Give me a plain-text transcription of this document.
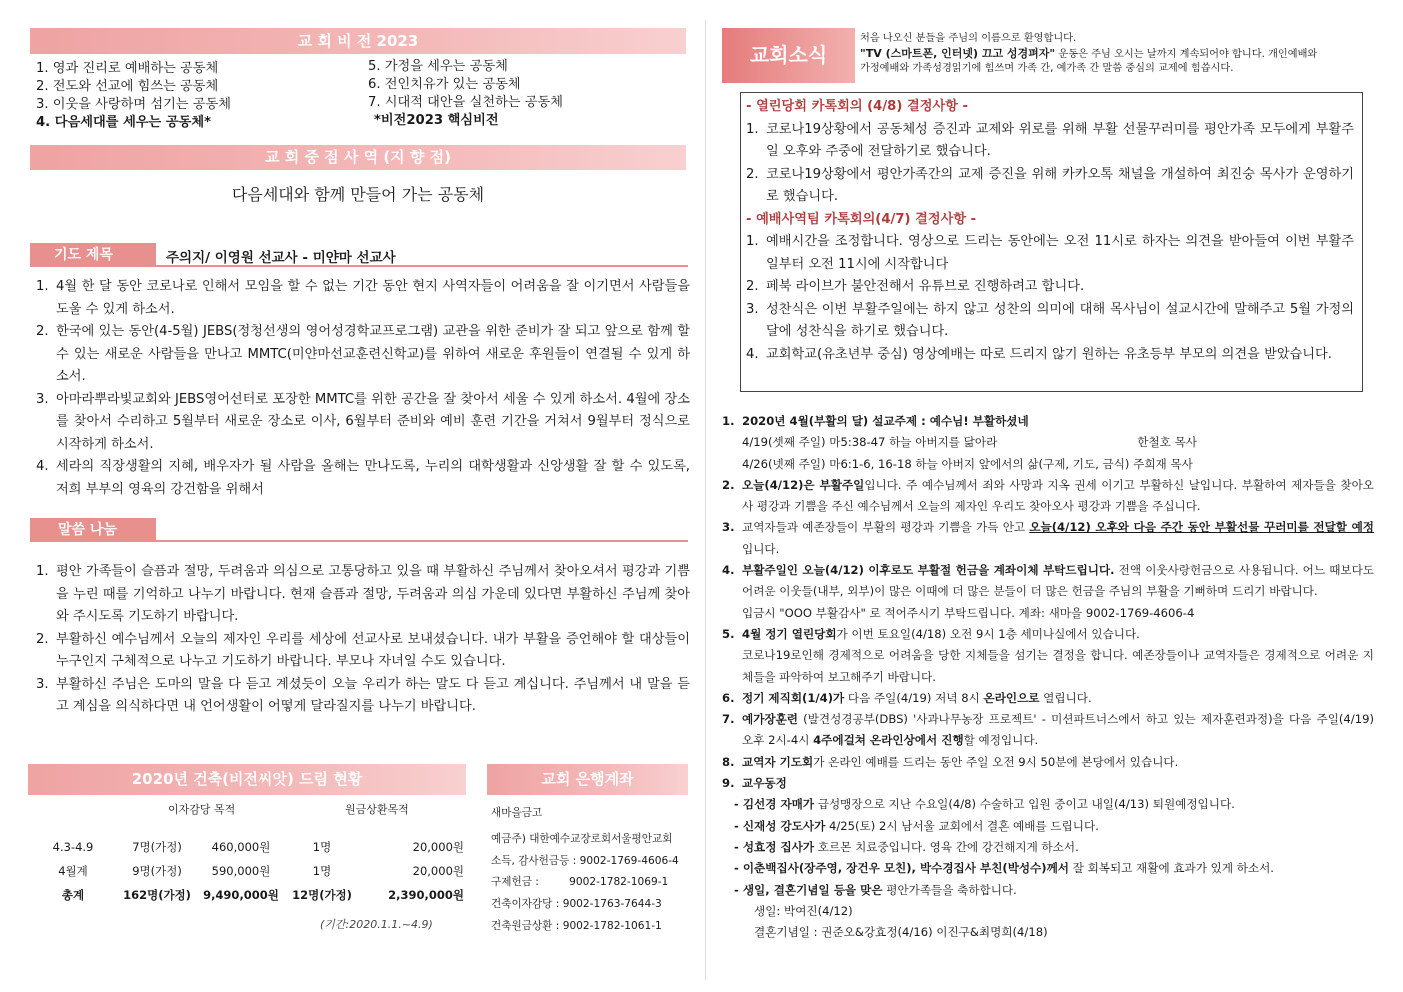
교 회 비 전 2023
1. 영과 진리로 예배하는 공동체
2. 전도와 선교에 힘쓰는 공동체
3. 이웃을 사랑하며 섬기는 공동체
4. 다음세대를 세우는 공동체*
5. 가정을 세우는 공동체
6. 전인치유가 있는 공동체
7. 시대적 대안을 실천하는 공동체
*비전2023 핵심비전
교 회 중 점 사 역 (지 향 점)
다음세대와 함께 만들어 가는 공동체
기도 제목	주의지/ 이영원 선교사 - 미얀마 선교사
1. 4월 한 달 동안 코로나로 인해서 모임을 할 수 없는 기간 동안 현지 사역자들이 어려움을 잘 이기면서 사람들을 도울 수 있게 하소서.
2. 한국에 있는 동안(4-5월) JEBS(정청선생의 영어성경학교프로그램) 교관을 위한 준비가 잘 되고 앞으로 함께 할 수 있는 새로운 사람들을 만나고 MMTC(미얀마선교훈련신학교)를 위하여 새로운 후원들이 연결될 수 있게 하소서.
3. 아마라뿌라빛교회와 JEBS영어선터로 포장한 MMTC를 위한 공간을 잘 찾아서 세울 수 있게 하소서. 4월에 장소를 찾아서 수리하고 5월부터 새로운 장소로 이사, 6월부터 준비와 예비 훈련 기간을 거쳐서 9월부터 정식으로 시작하게 하소서.
4. 세라의 직장생활의 지혜, 배우자가 될 사람을 올해는 만나도록, 누리의 대학생활과 신앙생활 잘 할 수 있도록, 저희 부부의 영육의 강건함을 위해서
말씀 나눔
1. 평안 가족들이 슬픔과 절망, 두려움과 의심으로 고통당하고 있을 때 부활하신 주님께서 찾아오셔서 평강과 기쁨을 누린 때를 기억하고 나누기 바랍니다. 현재 슬픔과 절망, 두려움과 의심 가운데 있다면 부활하신 주님께 찾아와 주시도록 기도하기 바랍니다.
2. 부활하신 예수님께서 오늘의 제자인 우리를 세상에 선교사로 보내셨습니다. 내가 부활을 증언해야 할 대상들이 누구인지 구체적으로 나누고 기도하기 바랍니다. 부모나 자녀일 수도 있습니다.
3. 부활하신 주님은 도마의 말을 다 듣고 계셨듯이 오늘 우리가 하는 말도 다 듣고 계십니다. 주님께서 내 말을 듣고 계심을 의식하다면 내 언어생활이 어떻게 달라질지를 나누기 바랍니다.
2020년 건축(비전씨앗) 드림 현황
이자감당 목적	원금상환목적
4.3-4.9	7명(가정)	460,000원	1명	20,000원
4월계	9명(가정)	590,000원	1명	20,000원
총계	162명(가정)	9,490,000원	12명(가정)	2,390,000원
(기간:2020.1.1.~4.9)
교회 은행계좌
새마을금고
예금주) 대한예수교장로회서울평안교회
소득, 감사헌금등 : 9002-1769-4606-4
구제헌금 :         9002-1782-1069-1
건축이자감당 : 9002-1763-7644-3
건축원금상환 : 9002-1782-1061-1
교회소식
처음 나오신 분들을 주님의 이름으로 환영합니다.
"TV (스마트폰, 인터넷) 끄고 성경펴자" 운동은 주님 오시는 날까지 계속되어야 합니다. 개인예배와
가정예배와 가족성경읽기에 힘쓰며 가족 간, 예가족 간 말씀 중심의 교제에 힘씁시다.
- 열린당회 카톡회의 (4/8) 결정사항 -
1. 코로나19상황에서 공동체성 증진과 교제와 위로를 위해 부활 선물꾸러미를 평안가족 모두에게 부활주일 오후와 주중에 전달하기로 했습니다.
2. 코로나19상황에서 평안가족간의 교제 증진을 위해 카카오톡 채널을 개설하여 최진숭 목사가 운영하기로 했습니다.
- 예배사역팀 카톡회의(4/7) 결정사항 -
1. 예배시간을 조정합니다. 영상으로 드리는 동안에는 오전 11시로 하자는 의견을 받아들여 이번 부활주일부터 오전 11시에 시작합니다
2. 페북 라이브가 불안전해서 유튜브로 진행하려고 합니다.
3. 성찬식은 이번 부활주일에는 하지 않고 성찬의 의미에 대해 목사님이 설교시간에 말해주고 5월 가정의 달에 성찬식을 하기로 했습니다.
4. 교회학교(유초년부 중심) 영상예배는 따로 드리지 않기 원하는 유초등부 부모의 의견을 받았습니다.
1. 2020년 4월(부활의 달) 설교주제 : 예수님! 부활하셨네
4/19(셋째 주일) 마5:38-47 하늘 아버지를 닮아라	한철호 목사
4/26(넷째 주일) 마6:1-6, 16-18 하늘 아버지 앞에서의 삶(구제, 기도, 금식) 주희재 목사
2. 오늘(4/12)은 부활주일입니다. 주 예수님께서 죄와 사망과 지옥 권세 이기고 부활하신 날입니다. 부활하여 제자들을 찾아오사 평강과 기쁨을 주신 예수님께서 오늘의 제자인 우리도 찾아오사 평강과 기쁨을 주십니다.
3. 교역자들과 예존장들이 부활의 평강과 기쁨을 가득 안고 오늘(4/12) 오후와 다음 주간 동안 부활선물 꾸러미를 전달할 예정입니다.
4. 부활주일인 오늘(4/12) 이후로도 부활절 헌금을 계좌이체 부탁드립니다. 전액 이웃사랑헌금으로 사용됩니다. 어느 때보다도 어려운 이웃들(내부, 외부)이 많은 이때에 더 많은 분들이 더 많은 헌금을 주님의 부활을 기뻐하며 드리기 바랍니다.
입금시 "OOO 부활감사" 로 적어주시기 부탁드립니다. 계좌: 새마을 9002-1769-4606-4
5. 4월 정기 열린당회가 이번 토요일(4/18) 오전 9시 1층 세미나실에서 있습니다.
코로나19로인해 경제적으로 어려움을 당한 지체들을 섬기는 결정을 합니다. 예존장들이나 교역자들은 경제적으로 어려운 지체들을 파악하여 보고해주기 바랍니다.
6. 정기 제직회(1/4)가 다음 주일(4/19) 저녁 8시 온라인으로 열립니다.
7. 예가장훈련 (발견성경공부(DBS) '사과나무농장 프로젝트' - 미션파트너스에서 하고 있는 제자훈련과정)을 다음 주일(4/19) 오후 2시-4시 4주에걸쳐 온라인상에서 진행할 예정입니다.
8. 교역자 기도회가 온라인 예배를 드리는 동안 주일 오전 9시 50분에 본당에서 있습니다.
9. 교우동정
- 김선경 자매가 급성맹장으로 지난 수요일(4/8) 수술하고 입원 중이고 내일(4/13) 퇴원예정입니다.
- 신재성 강도사가 4/25(토) 2시 남서울 교회에서 결혼 예배를 드립니다.
- 성효정 집사가 호르몬 치료중입니다. 영육 간에 강건해지게 하소서.
- 이춘백집사(장주영, 장건우 모친), 박수경집사 부친(박성수)께서 잘 회복되고 재활에 효과가 있게 하소서.
- 생일, 결혼기념일 등을 맞은 평안가족들을 축하합니다.
생일: 박여진(4/12)
결혼기념일 : 권준오&강효정(4/16) 이진구&최명희(4/18)
